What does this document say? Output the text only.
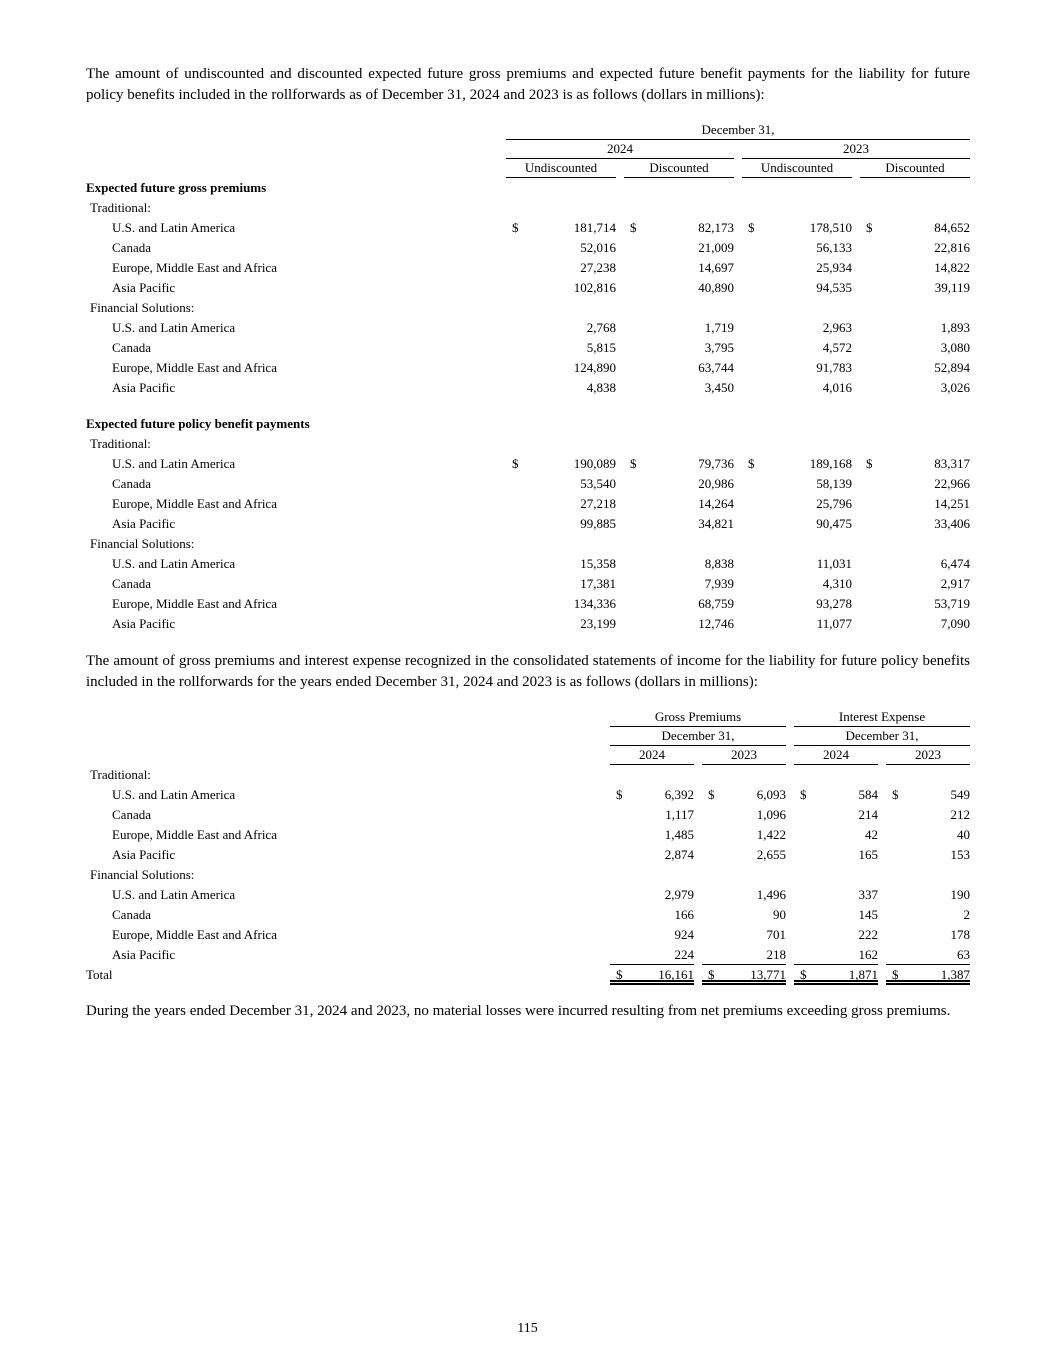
The amount of undiscounted and discounted expected future gross premiums and expected future benefit payments for the liability for future policy benefits included in the rollforwards as of December 31, 2024 and 2023 is as follows (dollars in millions):

December 31,
2024	2023
Undiscounted	Discounted	Undiscounted	Discounted
Expected future gross premiums
Traditional:
U.S. and Latin America	$	181,714	$	82,173	$	178,510	$	84,652
Canada	52,016	21,009	56,133	22,816
Europe, Middle East and Africa	27,238	14,697	25,934	14,822
Asia Pacific	102,816	40,890	94,535	39,119
Financial Solutions:
U.S. and Latin America	2,768	1,719	2,963	1,893
Canada	5,815	3,795	4,572	3,080
Europe, Middle East and Africa	124,890	63,744	91,783	52,894
Asia Pacific	4,838	3,450	4,016	3,026
Expected future policy benefit payments
Traditional:
U.S. and Latin America	$	190,089	$	79,736	$	189,168	$	83,317
Canada	53,540	20,986	58,139	22,966
Europe, Middle East and Africa	27,218	14,264	25,796	14,251
Asia Pacific	99,885	34,821	90,475	33,406
Financial Solutions:
U.S. and Latin America	15,358	8,838	11,031	6,474
Canada	17,381	7,939	4,310	2,917
Europe, Middle East and Africa	134,336	68,759	93,278	53,719
Asia Pacific	23,199	12,746	11,077	7,090

The amount of gross premiums and interest expense recognized in the consolidated statements of income for the liability for future policy benefits included in the rollforwards for the years ended December 31, 2024 and 2023 is as follows (dollars in millions):

Gross Premiums	Interest Expense
December 31,	December 31,
2024	2023	2024	2023
Traditional:
U.S. and Latin America	$	6,392	$	6,093	$	584	$	549
Canada	1,117	1,096	214	212
Europe, Middle East and Africa	1,485	1,422	42	40
Asia Pacific	2,874	2,655	165	153
Financial Solutions:
U.S. and Latin America	2,979	1,496	337	190
Canada	166	90	145	2
Europe, Middle East and Africa	924	701	222	178
Asia Pacific	224	218	162	63
Total	$	16,161	$	13,771	$	1,871	$	1,387

During the years ended December 31, 2024 and 2023, no material losses were incurred resulting from net premiums exceeding gross premiums.

115
